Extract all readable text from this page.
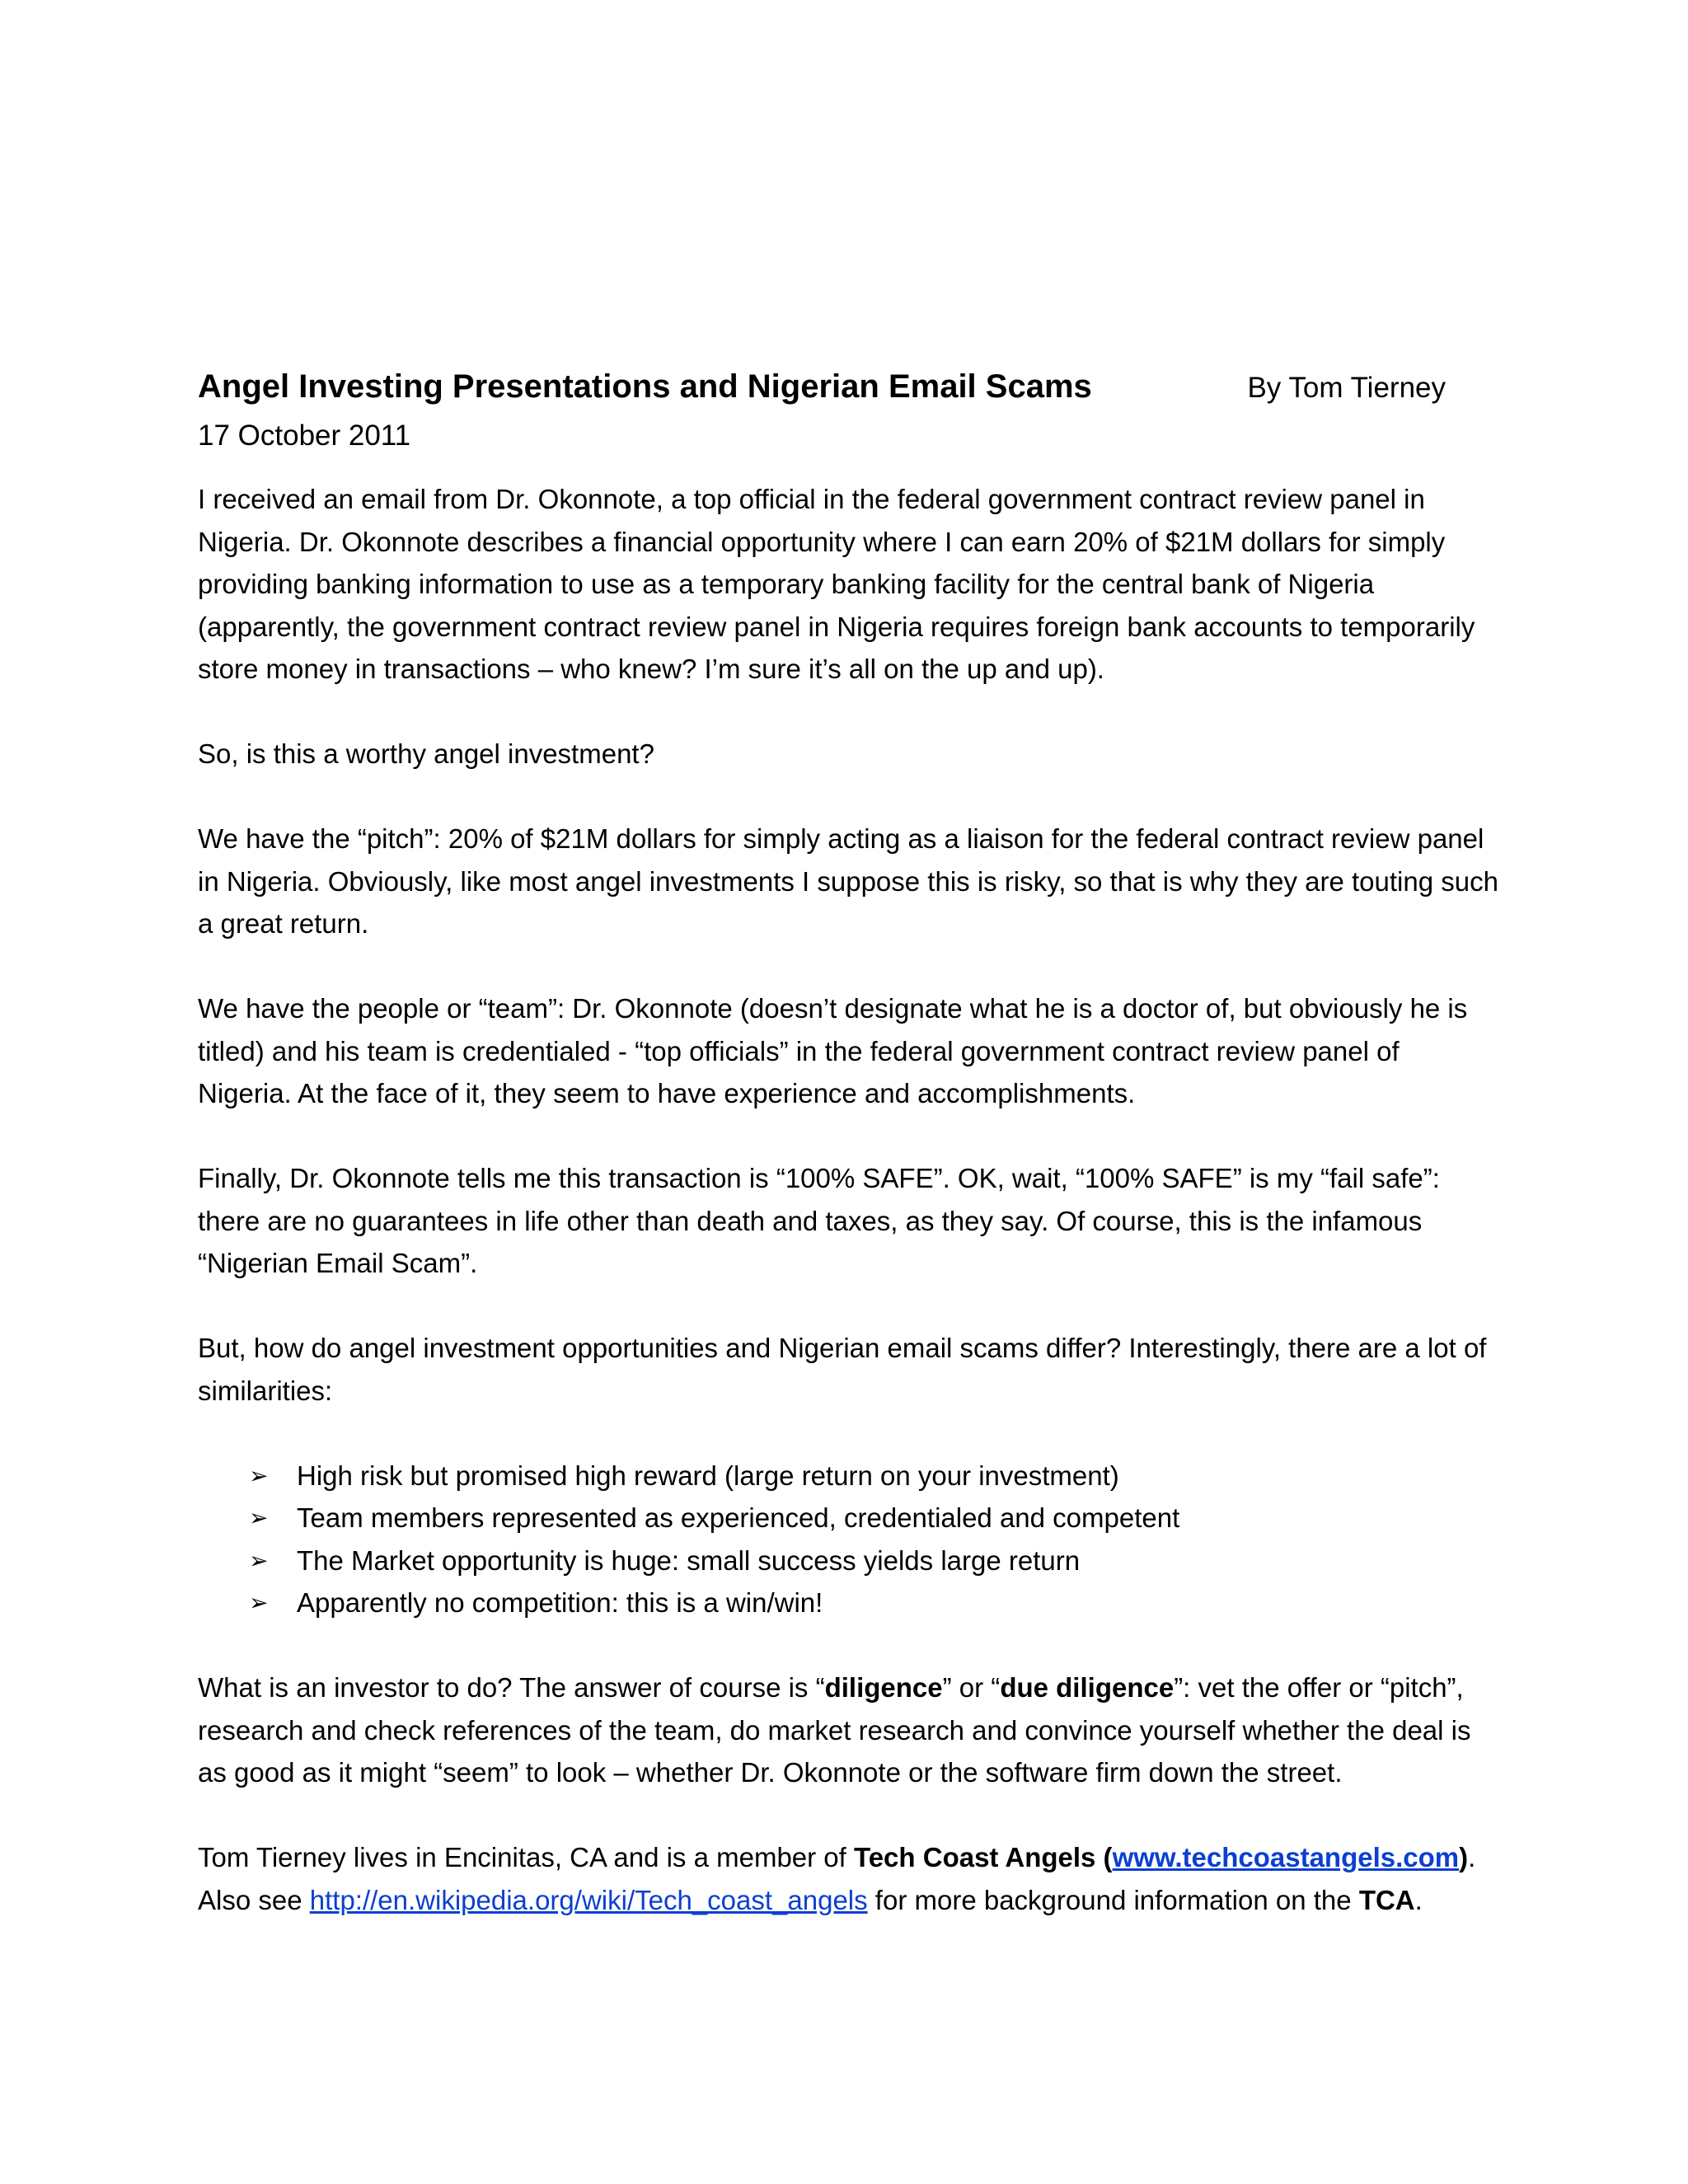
Angel Investing Presentations and Nigerian Email Scams	By Tom Tierney
17 October 2011

I received an email from Dr. Okonnote, a top official in the federal government contract review panel in Nigeria. Dr. Okonnote describes a financial opportunity where I can earn 20% of $21M dollars for simply providing banking information to use as a temporary banking facility for the central bank of Nigeria (apparently, the government contract review panel in Nigeria requires foreign bank accounts to temporarily store money in transactions – who knew? I’m sure it’s all on the up and up).

So, is this a worthy angel investment?

We have the “pitch”: 20% of $21M dollars for simply acting as a liaison for the federal contract review panel in Nigeria. Obviously, like most angel investments I suppose this is risky, so that is why they are touting such a great return.

We have the people or “team”: Dr. Okonnote (doesn’t designate what he is a doctor of, but obviously he is titled) and his team is credentialed - “top officials” in the federal government contract review panel of Nigeria. At the face of it, they seem to have experience and accomplishments.

Finally, Dr. Okonnote tells me this transaction is “100% SAFE”. OK, wait, “100% SAFE” is my “fail safe”: there are no guarantees in life other than death and taxes, as they say. Of course, this is the infamous “Nigerian Email Scam”.

But, how do angel investment opportunities and Nigerian email scams differ? Interestingly, there are a lot of similarities:

➢ High risk but promised high reward (large return on your investment)
➢ Team members represented as experienced, credentialed and competent
➢ The Market opportunity is huge: small success yields large return
➢ Apparently no competition: this is a win/win!

What is an investor to do? The answer of course is “diligence” or “due diligence”: vet the offer or “pitch”, research and check references of the team, do market research and convince yourself whether the deal is as good as it might “seem” to look – whether Dr. Okonnote or the software firm down the street.

Tom Tierney lives in Encinitas, CA and is a member of Tech Coast Angels (www.techcoastangels.com).
Also see http://en.wikipedia.org/wiki/Tech_coast_angels for more background information on the TCA.
